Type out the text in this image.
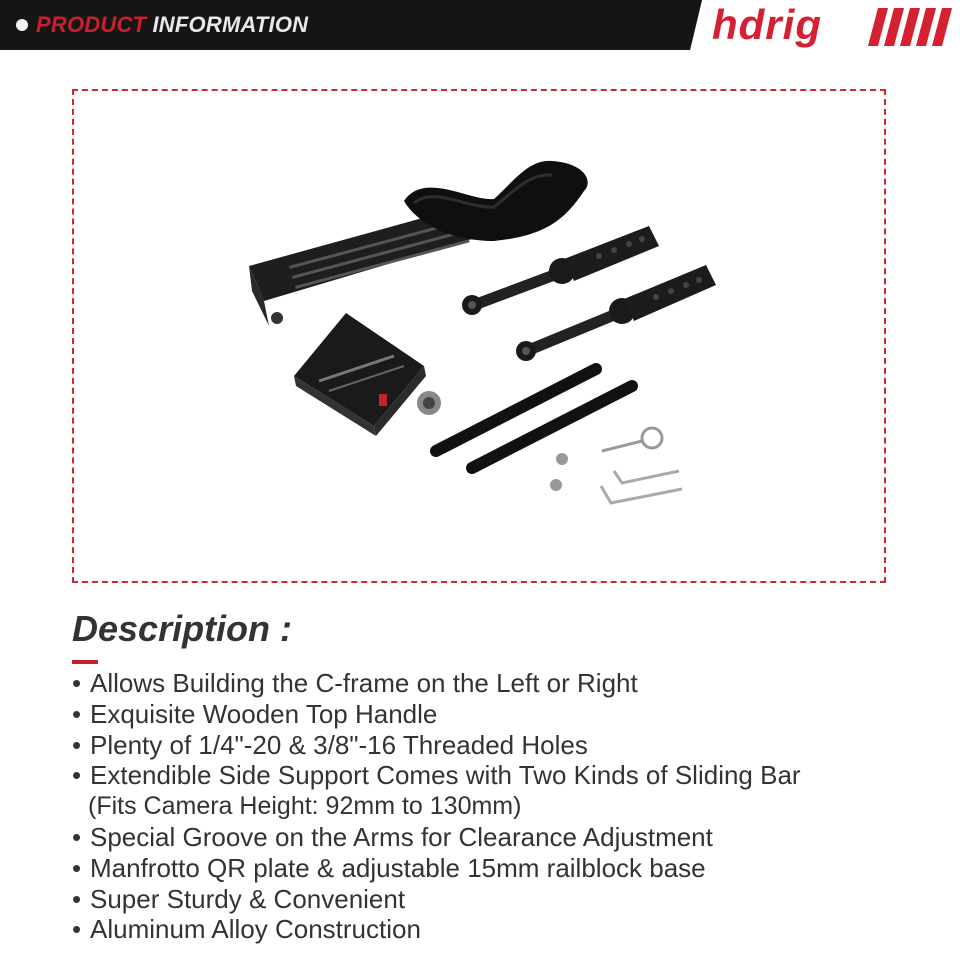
PRODUCT INFORMATION	hdrig
Description :
• Allows Building the C-frame on the Left or Right
• Exquisite Wooden Top Handle
• Plenty of 1/4"-20 & 3/8"-16 Threaded Holes
• Extendible Side Support Comes with Two Kinds of Sliding Bar
(Fits Camera Height: 92mm to 130mm)
• Special Groove on the Arms for Clearance Adjustment
• Manfrotto QR plate & adjustable 15mm railblock base
• Super Sturdy & Convenient
• Aluminum Alloy Construction
